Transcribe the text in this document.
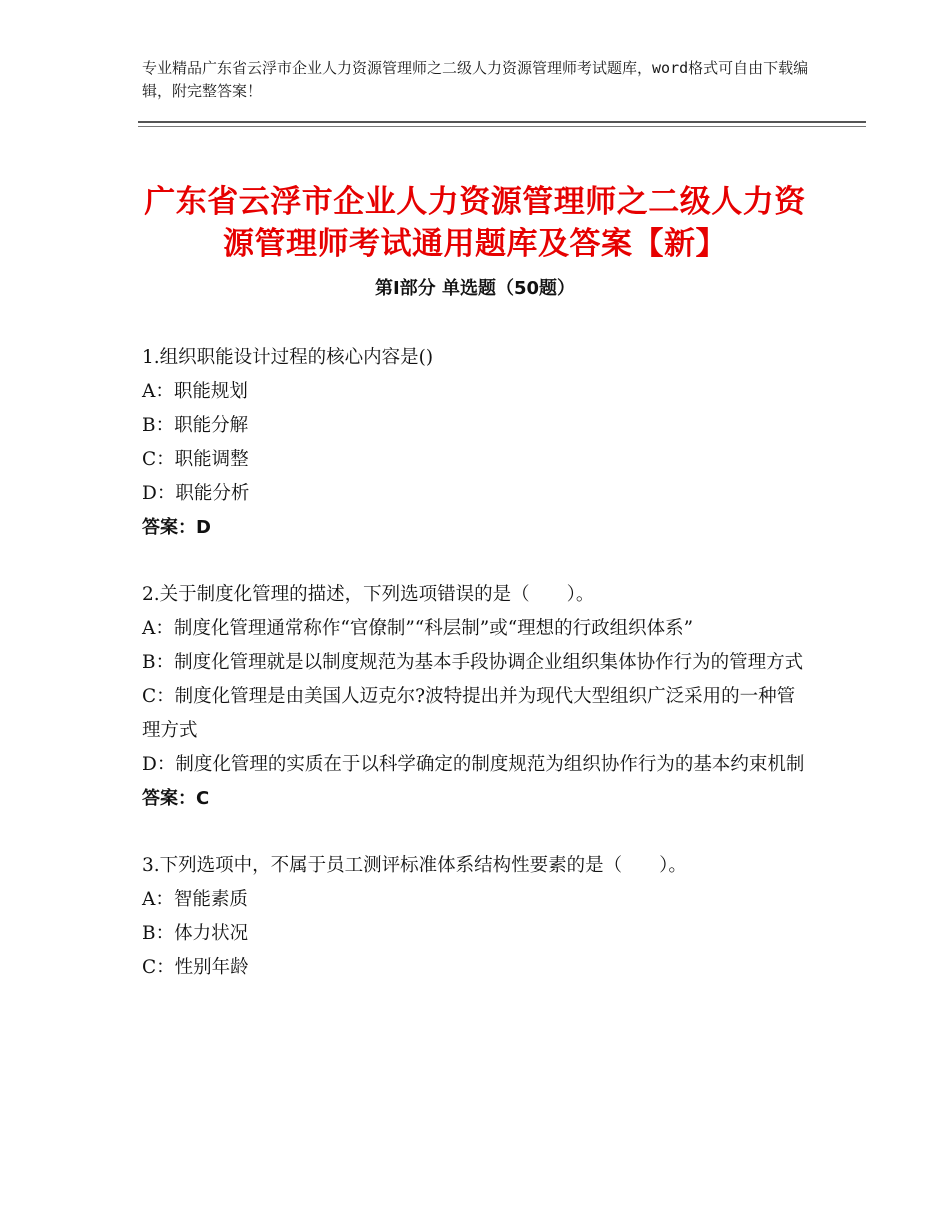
专业精品广东省云浮市企业人力资源管理师之二级人力资源管理师考试题库，word格式可自由下载编辑，附完整答案！
广东省云浮市企业人力资源管理师之二级人力资源管理师考试通用题库及答案【新】
第Ⅰ部分 单选题（50题）

1.组织职能设计过程的核心内容是()

A：职能规划

B：职能分解

C：职能调整

D：职能分析

答案：D

2.关于制度化管理的描述，下列选项错误的是（　　）。

A：制度化管理通常称作“官僚制”“科层制”或“理想的行政组织体系”

B：制度化管理就是以制度规范为基本手段协调企业组织集体协作行为的管理方式

C：制度化管理是由美国人迈克尔?波特提出并为现代大型组织广泛采用的一种管理方式

D：制度化管理的实质在于以科学确定的制度规范为组织协作行为的基本约束机制

答案：C

3.下列选项中，不属于员工测评标准体系结构性要素的是（　　）。

A：智能素质

B：体力状况

C：性别年龄
